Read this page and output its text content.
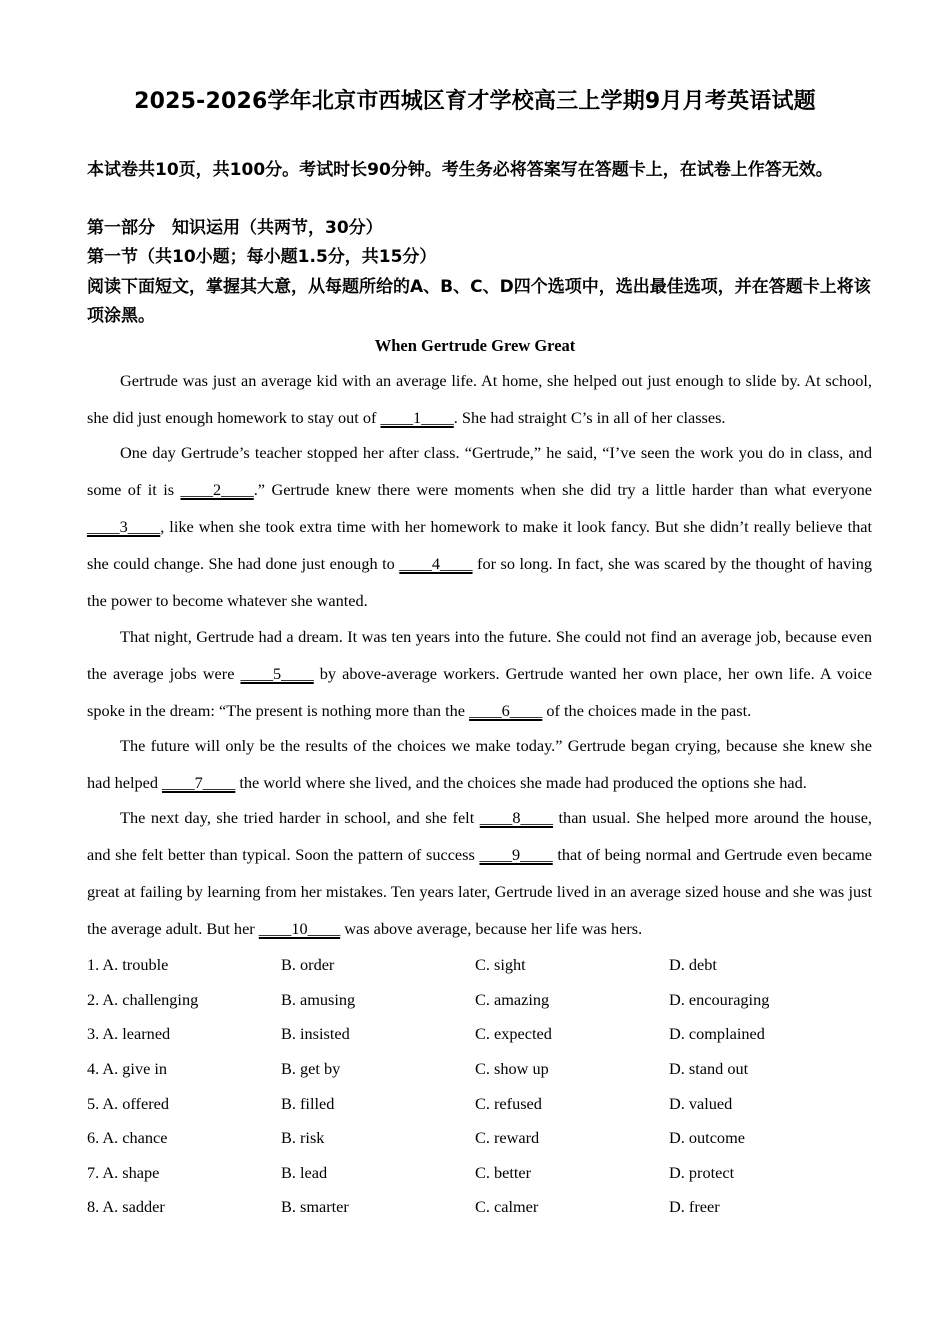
2025-2026学年北京市西城区育才学校高三上学期9月月考英语试题
本试卷共10页，共100分。考试时长90分钟。考生务必将答案写在答题卡上，在试卷上作答无效。
第一部分　知识运用（共两节，30分）
第一节（共10小题；每小题1.5分，共15分）
阅读下面短文，掌握其大意，从每题所给的A、B、C、D四个选项中，选出最佳选项，并在答题卡上将该项涂黑。
When Gertrude Grew Great
Gertrude was just an average kid with an average life. At home, she helped out just enough to slide by. At school, she did just enough homework to stay out of ____1____. She had straight C’s in all of her classes.
One day Gertrude’s teacher stopped her after class. “Gertrude,” he said, “I’ve seen the work you do in class, and some of it is ____2____.” Gertrude knew there were moments when she did try a little harder than what everyone ____3____, like when she took extra time with her homework to make it look fancy. But she didn’t really believe that she could change. She had done just enough to ____4____ for so long. In fact, she was scared by the thought of having the power to become whatever she wanted.
That night, Gertrude had a dream. It was ten years into the future. She could not find an average job, because even the average jobs were ____5____ by above-average workers. Gertrude wanted her own place, her own life. A voice spoke in the dream: “The present is nothing more than the ____6____ of the choices made in the past.
The future will only be the results of the choices we make today.” Gertrude began crying, because she knew she had helped ____7____ the world where she lived, and the choices she made had produced the options she had.
The next day, she tried harder in school, and she felt ____8____ than usual. She helped more around the house, and she felt better than typical. Soon the pattern of success ____9____ that of being normal and Gertrude even became great at failing by learning from her mistakes. Ten years later, Gertrude lived in an average sized house and she was just the average adult. But her ____10____ was above average, because her life was hers.
1. A. trouble	B. order	C. sight	D. debt
2. A. challenging	B. amusing	C. amazing	D. encouraging
3. A. learned	B. insisted	C. expected	D. complained
4. A. give in	B. get by	C. show up	D. stand out
5. A. offered	B. filled	C. refused	D. valued
6. A. chance	B. risk	C. reward	D. outcome
7. A. shape	B. lead	C. better	D. protect
8. A. sadder	B. smarter	C. calmer	D. freer
